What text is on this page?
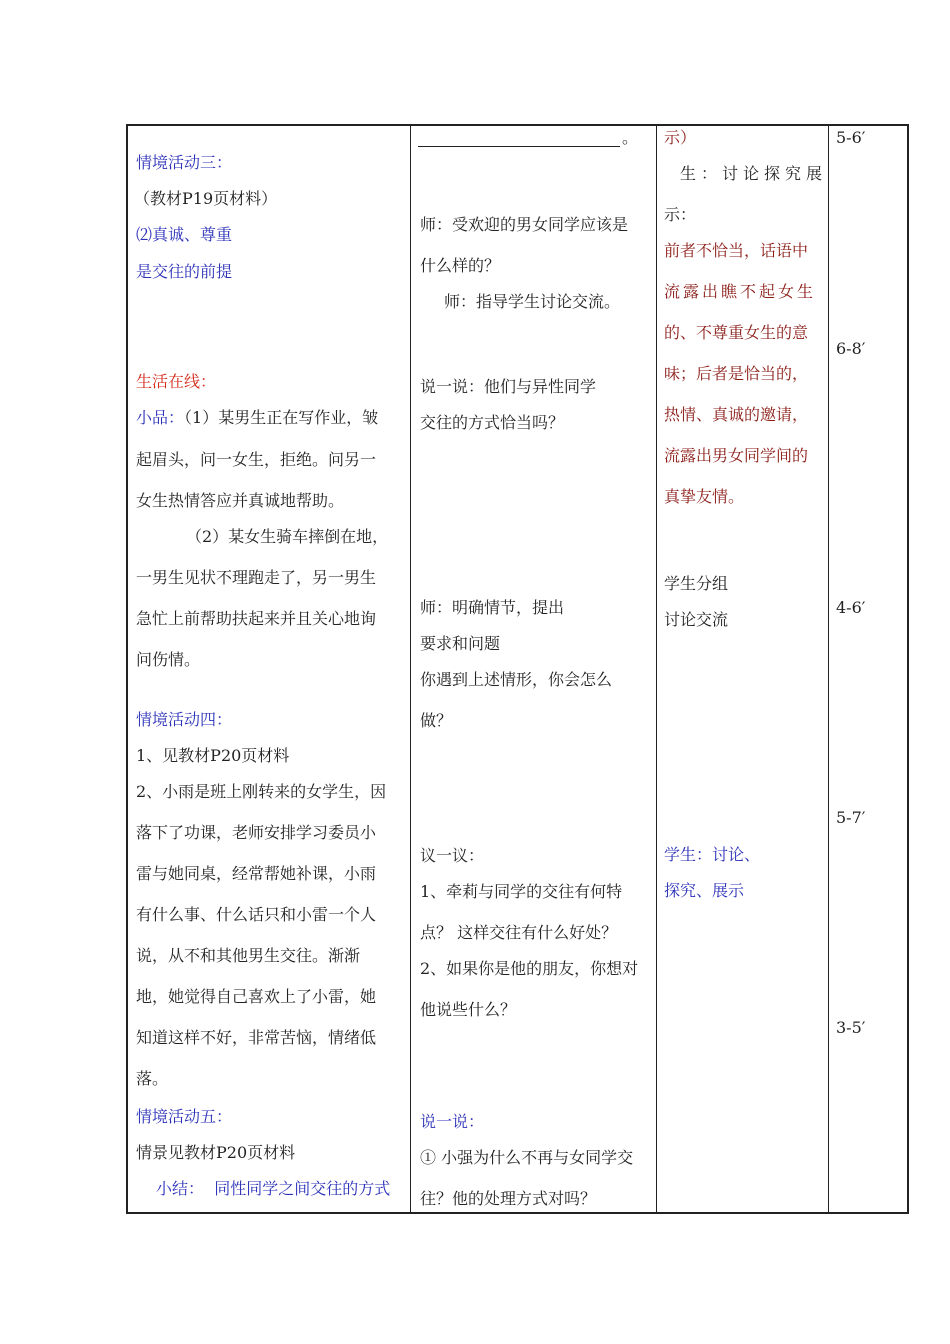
情境活动三：
（教材P19页材料）
⑵真诚、尊重
是交往的前提
生活在线：
小品：（1）某男生正在写作业，皱
起眉头，问一女生，拒绝。问另一
女生热情答应并真诚地帮助。
（2）某女生骑车摔倒在地，
一男生见状不理跑走了，另一男生
急忙上前帮助扶起来并且关心地询
问伤情。
情境活动四：
1、见教材P20页材料
2、小雨是班上刚转来的女学生，因
落下了功课，老师安排学习委员小
雷与她同桌，经常帮她补课，小雨
有什么事、什么话只和小雷一个人
说，从不和其他男生交往。渐渐
地，她觉得自己喜欢上了小雷，她
知道这样不好，非常苦恼，情绪低
落。
情境活动五：
情景见教材P20页材料
小结： 同性同学之间交往的方式
。
师：受欢迎的男女同学应该是
什么样的？
师：指导学生讨论交流。
说一说：他们与异性同学
交往的方式恰当吗？
师：明确情节，提出
要求和问题
你遇到上述情形，你会怎么
做？
议一议：
1、牵莉与同学的交往有何特
点？ 这样交往有什么好处？
2、如果你是他的朋友，你想对
他说些什么？
说一说：
① 小强为什么不再与女同学交
往？他的处理方式对吗？
示）
生：讨论探究展
示：
前者不恰当，话语中
流露出瞧不起女生
的、不尊重女生的意
味；后者是恰当的，
热情、真诚的邀请，
流露出男女同学间的
真挚友情。
学生分组
讨论交流
学生：讨论、
探究、展示
5-6′
6-8′
4-6′
5-7′
3-5′
